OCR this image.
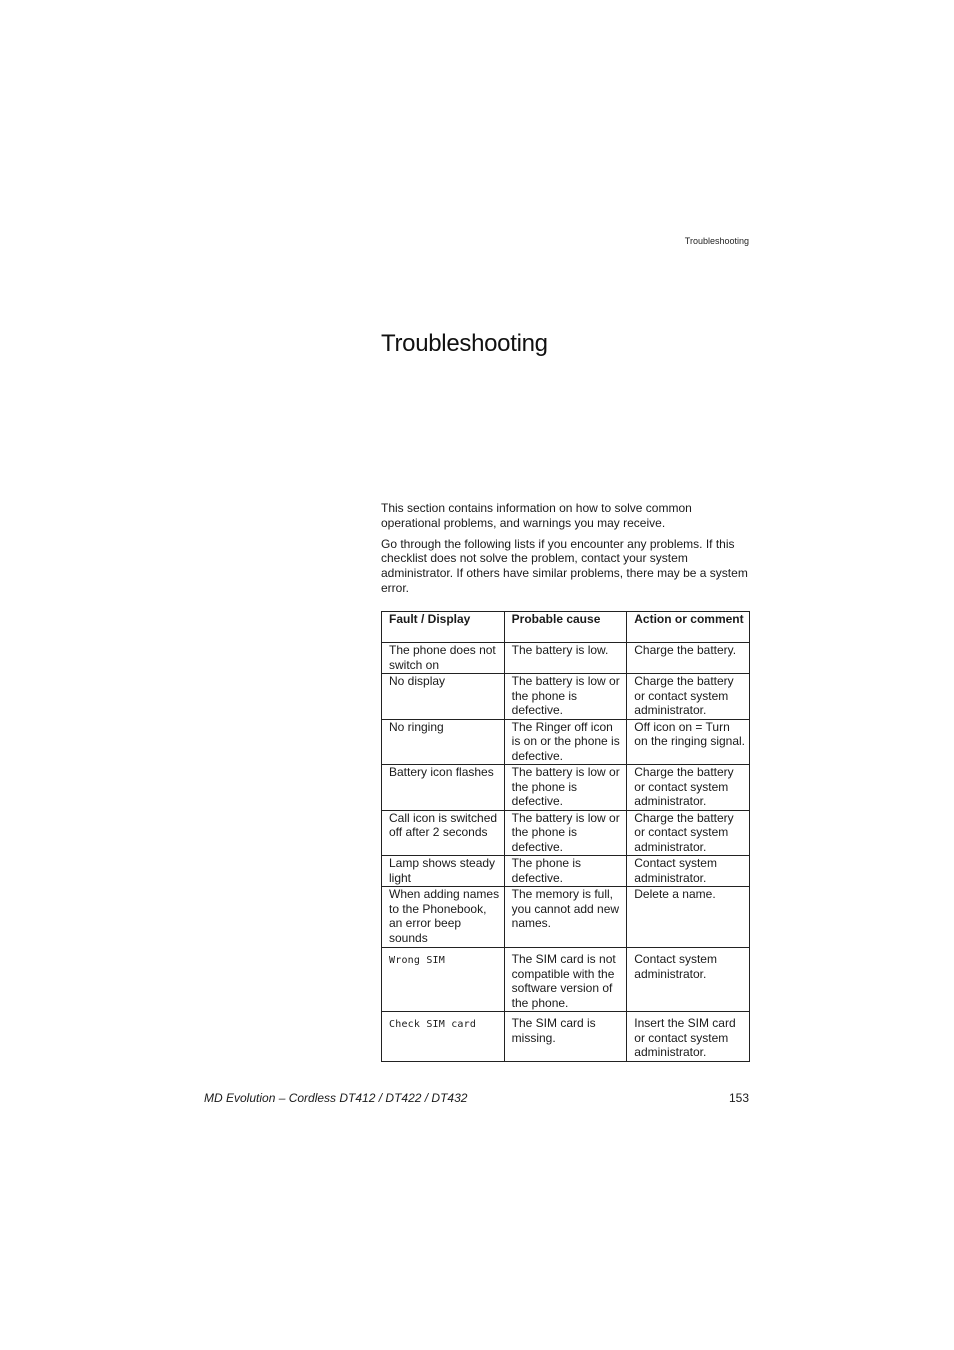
Troubleshooting
Troubleshooting

This section contains information on how to solve common operational problems, and warnings you may receive.

Go through the following lists if you encounter any problems. If this checklist does not solve the problem, contact your system administrator. If others have similar problems, there may be a system error.

Fault / Display	Probable cause	Action or comment
The phone does not switch on	The battery is low.	Charge the battery.
No display	The battery is low or the phone is defective.	Charge the battery or contact system administrator.
No ringing	The Ringer off icon is on or the phone is defective.	Off icon on = Turn on the ringing signal.
Battery icon flashes	The battery is low or the phone is defective.	Charge the battery or contact system administrator.
Call icon is switched off after 2 seconds	The battery is low or the phone is defective.	Charge the battery or contact system administrator.
Lamp shows steady light	The phone is defective.	Contact system administrator.
When adding names to the Phonebook, an error beep sounds	The memory is full, you cannot add new names.	Delete a name.
Wrong SIM	The SIM card is not compatible with the software version of the phone.	Contact system administrator.
Check SIM card	The SIM card is missing.	Insert the SIM card or contact system administrator.
MD Evolution – Cordless DT412 / DT422 / DT432	153
